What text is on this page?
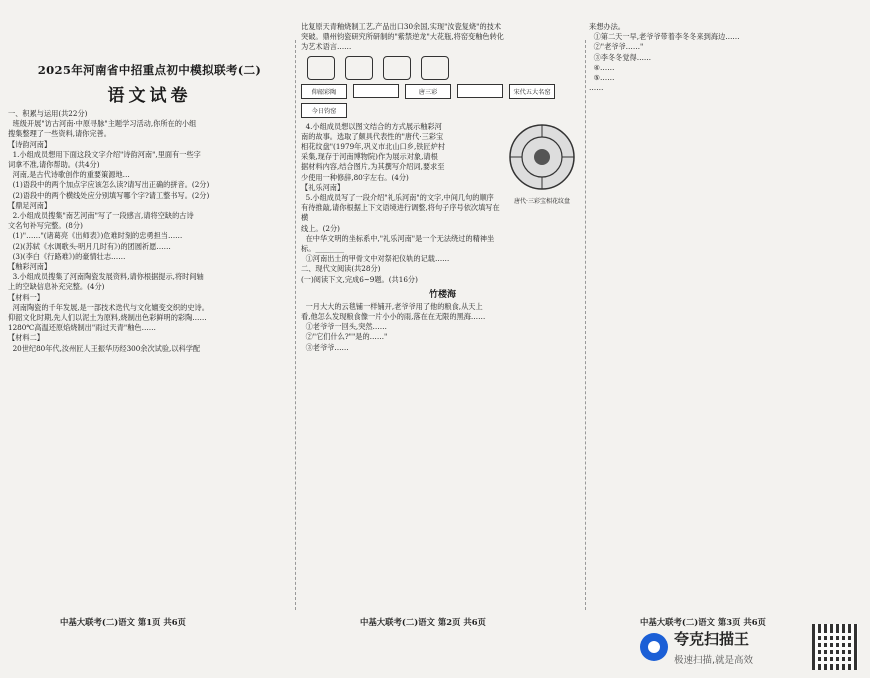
2025年河南省中招重点初中模拟联考(二)
语文试卷

一、积累与运用(共22分)
班级开展"访古河南·中原寻脉"主题学习活动,你所在的小组
搜集整理了一些资料,请你完善。
【诗韵河南】
1.小组成员想用下面这段文字介绍"诗韵河南",里面有一些字
词拿不准,请你帮助。(共4分)
河南,是古代诗歌创作的重要策源地…
(1)语段中的两个加点字应该怎么读?请写出正确的拼音。(2分)
(2)语段中的两个横线处应分别填写哪个字?请工整书写。(2分)
【鼎足河南】
2.小组成员搜集"南艺河南"写了一段感言,请将空缺的古诗
文名句补写完整。(8分)
(1)"……"(诸葛亮《出师表》)危难时刻的忠勇担当……
(2)(苏轼《水调歌头·明月几时有》)的团圆祈愿……
(3)(李白《行路难》)的豪情壮志……
【釉彩河南】
3.小组成员搜集了河南陶瓷发展资料,请你根据提示,将时间轴
上的空缺信息补充完整。(4分)
【材料一】
河南陶瓷的千年发展,是一部技术迭代与文化嬗变交织的史诗。
仰韶文化时期,先人们以泥土为原料,烧制出色彩鲜明的彩陶……
1280℃高温还原焰烧制出"雨过天青"釉色……
【材料二】
20世纪80年代,汝州匠人王振华历经300余次试验,以科学配

比复原天青釉烧制工艺,产品出口30余国,实现"汝瓷复烧"的技术
突破。鼎州钧瓷研究所研制的"紫禁逆龙"大花瓶,将窑变釉色转化
为艺术语言……

仰韶彩陶	唐三彩	宋代五大名窑
今日钧窑

4.小组成员想以图文结合的方式展示釉彩河
南的故事。选取了颇具代表性的"唐代·三彩宝
相花纹盘"(1979年,巩义市北山口乡,铁匠炉村
采集,现存于河南博物院)作为展示对象,请根
据材料内容,结合图片,为其撰写介绍词,要求至
少使用一种修辞,80字左右。(4分)
【礼乐河南】
5.小组成员写了一段介绍"礼乐河南"的文字,中间几句的顺序
有待推敲,请你根据上下文语境进行调整,将句子序号依次填写在横
线上。(2分)

唐代·三彩宝相花纹盘

在中华文明的坐标系中,"礼乐河南"是一个无法绕过的精神坐
标。________
①河南出土的甲骨文中对祭祀仪轨的记载……
二、现代文阅读(共28分)
(一)阅读下文,完成6~9题。(共16分)

竹楼海

一月大大的云毯铺一样铺开,老爷爷用了他的粮食,从天上
看,他怎么发现粮食像一片小小的雨,落在在无限的黑海……
①老爷爷一回头,突然……
②"它们什么?""是的……"
③老爷爷……

来想办法。
①第二天一早,老爷爷带着李冬冬来到海边……
②"老爷爷……"
③李冬冬觉得……
④……
⑤……
……

中基大联考(二)语文 第1页 共6页	中基大联考(二)语文 第2页 共6页	中基大联考(二)语文 第3页 共6页
夸克扫描王
极速扫描,就是高效
